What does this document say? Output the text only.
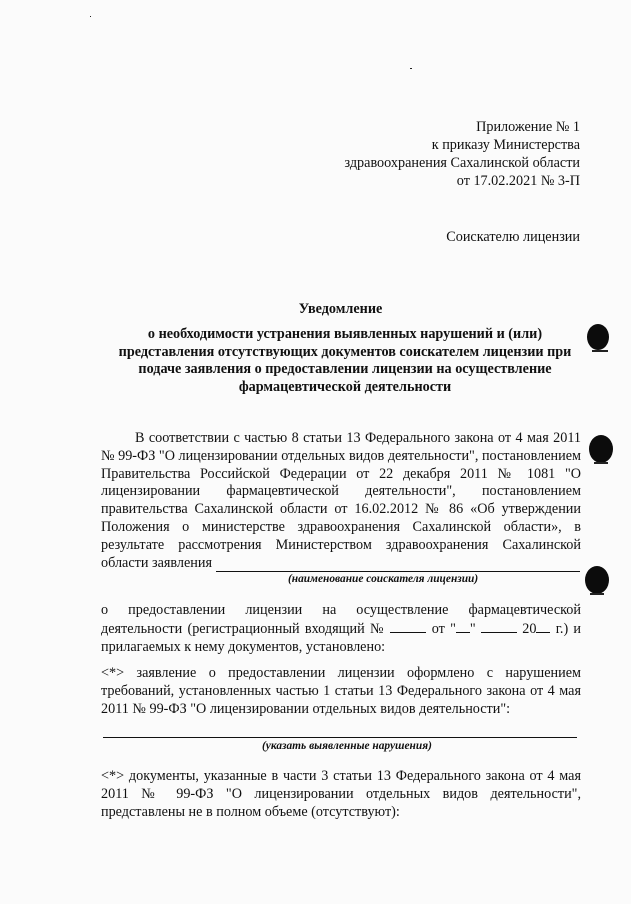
Приложение № 1
к приказу Министерства
здравоохранения Сахалинской области
от 17.02.2021 № 3-П
Соискателю лицензии
Уведомление
о необходимости устранения выявленных нарушений и (или)
представления отсутствующих документов соискателем лицензии при
подаче заявления о предоставлении лицензии на осуществление
фармацевтической деятельности
В соответствии с частью 8 статьи 13 Федерального закона от 4 мая 2011
№ 99-ФЗ "О лицензировании отдельных видов деятельности", постановлением
Правительства Российской Федерации от 22 декабря 2011 № 1081 "О
лицензировании фармацевтической деятельности", постановлением
правительства Сахалинской области от 16.02.2012 № 86 «Об утверждении
Положения о министерстве здравоохранения Сахалинской области», в
результате рассмотрения Министерством здравоохранения Сахалинской
области заявления
(наименование соискателя лицензии)
о предоставлении лицензии на осуществление фармацевтической
деятельности (регистрационный входящий №	от " "	20 г.) и
прилагаемых к нему документов, установлено:
<*> заявление о предоставлении лицензии оформлено с нарушением
требований, установленных частью 1 статьи 13 Федерального закона от 4 мая
2011 № 99-ФЗ "О лицензировании отдельных видов деятельности":
(указать выявленные нарушения)
<*> документы, указанные в части 3 статьи 13 Федерального закона от 4 мая
2011 № 99-ФЗ "О лицензировании отдельных видов деятельности",
представлены не в полном объеме (отсутствуют):
